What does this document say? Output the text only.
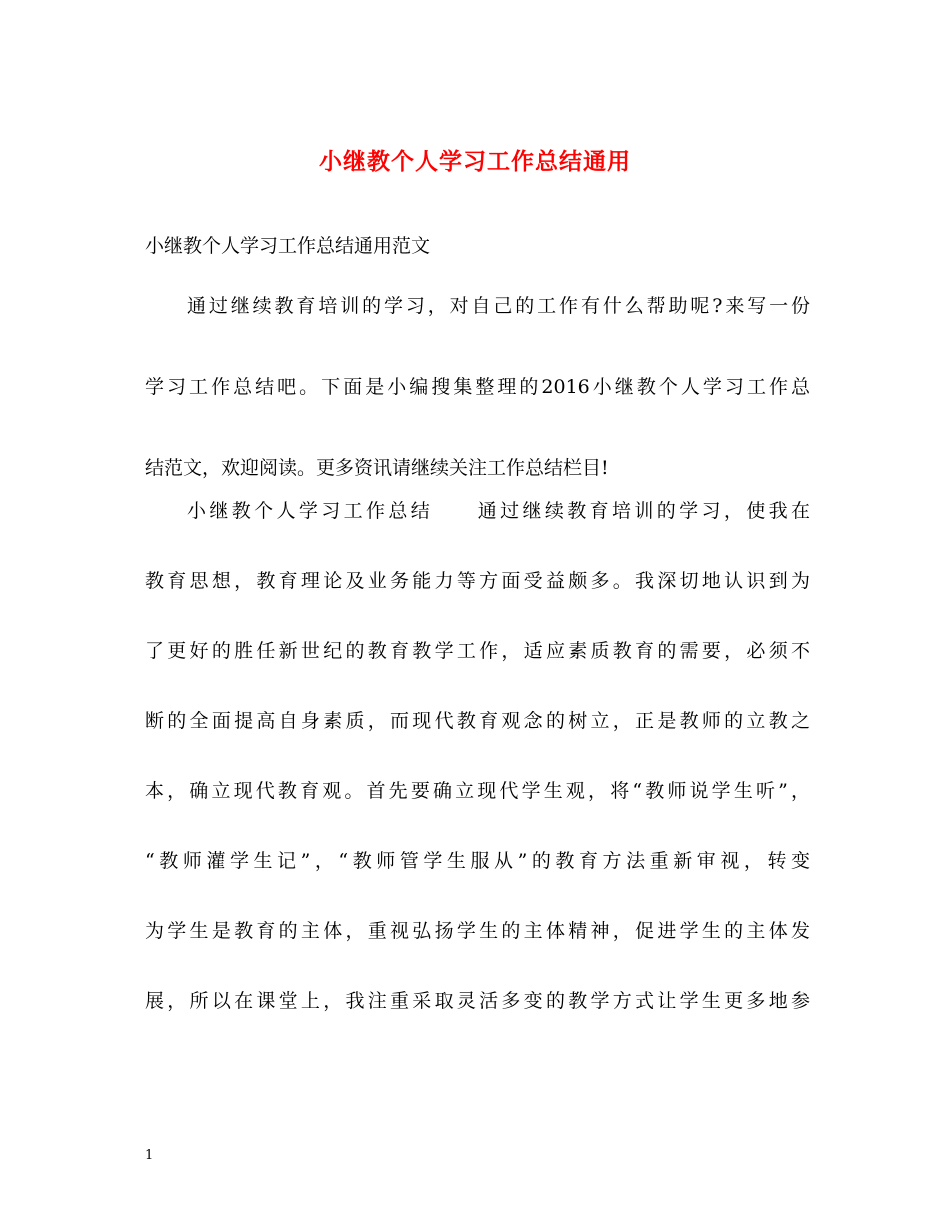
小继教个人学习工作总结通用

小继教个人学习工作总结通用范文

通过继续教育培训的学习，对自己的工作有什么帮助呢?来写一份
学习工作总结吧。下面是小编搜集整理的2016小继教个人学习工作总
结范文，欢迎阅读。更多资讯请继续关注工作总结栏目!
小继教个人学习工作总结　　通过继续教育培训的学习，使我在
教育思想，教育理论及业务能力等方面受益颇多。我深切地认识到为
了更好的胜任新世纪的教育教学工作，适应素质教育的需要，必须不
断的全面提高自身素质，而现代教育观念的树立，正是教师的立教之
本，确立现代教育观。首先要确立现代学生观，将“教师说学生听”，
“教师灌学生记”，“教师管学生服从”的教育方法重新审视，转变
为学生是教育的主体，重视弘扬学生的主体精神，促进学生的主体发
展，所以在课堂上，我注重采取灵活多变的教学方式让学生更多地参

1
